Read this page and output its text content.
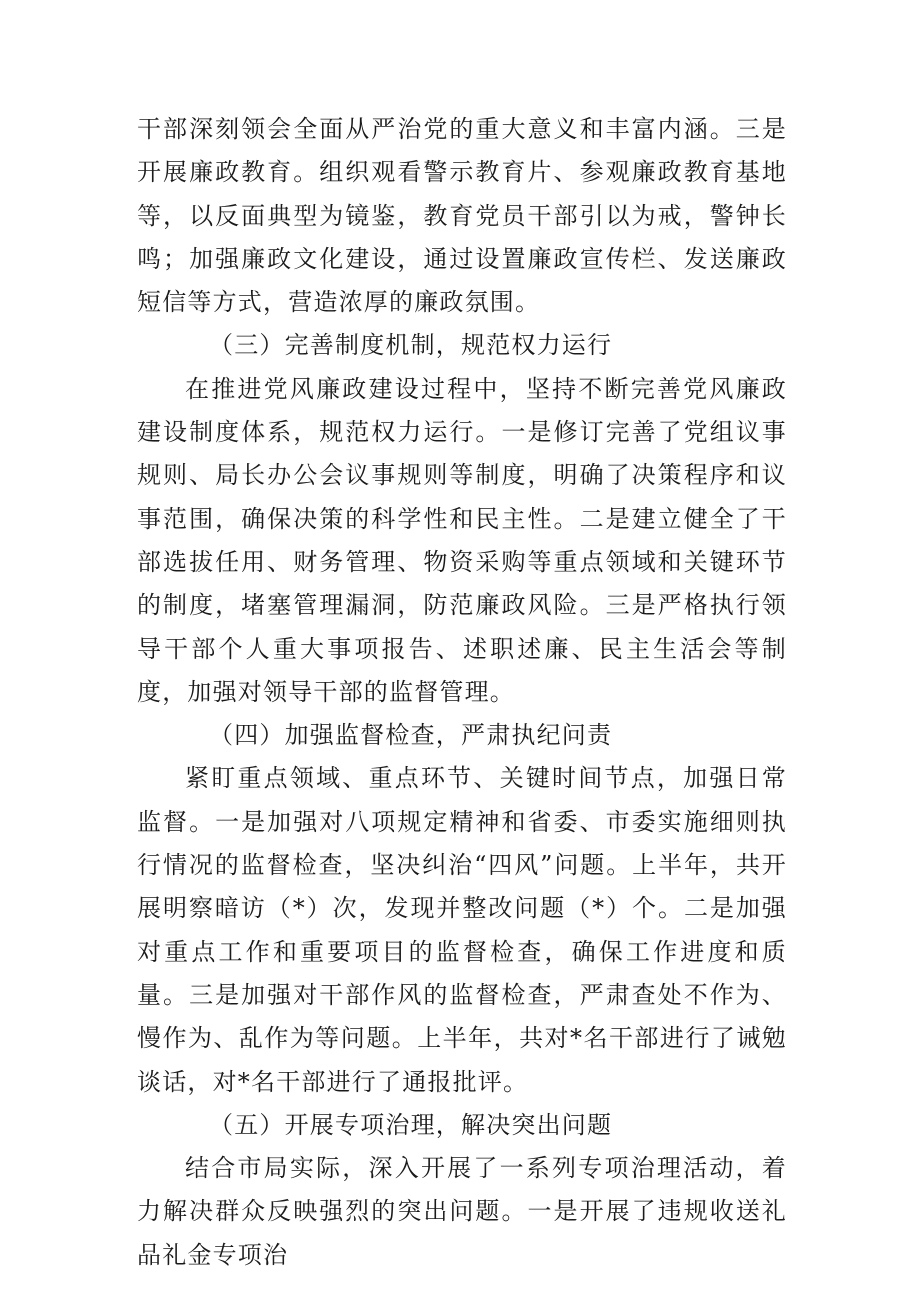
干部深刻领会全面从严治党的重大意义和丰富内涵。三是开展廉政教育。组织观看警示教育片、参观廉政教育基地等，以反面典型为镜鉴，教育党员干部引以为戒，警钟长鸣；加强廉政文化建设，通过设置廉政宣传栏、发送廉政短信等方式，营造浓厚的廉政氛围。

（三）完善制度机制，规范权力运行

在推进党风廉政建设过程中，坚持不断完善党风廉政建设制度体系，规范权力运行。一是修订完善了党组议事规则、局长办公会议事规则等制度，明确了决策程序和议事范围，确保决策的科学性和民主性。二是建立健全了干部选拔任用、财务管理、物资采购等重点领域和关键环节的制度，堵塞管理漏洞，防范廉政风险。三是严格执行领导干部个人重大事项报告、述职述廉、民主生活会等制度，加强对领导干部的监督管理。

（四）加强监督检查，严肃执纪问责

紧盯重点领域、重点环节、关键时间节点，加强日常监督。一是加强对八项规定精神和省委、市委实施细则执行情况的监督检查，坚决纠治“四风”问题。上半年，共开展明察暗访（*）次，发现并整改问题（*）个。二是加强对重点工作和重要项目的监督检查，确保工作进度和质量。三是加强对干部作风的监督检查，严肃查处不作为、慢作为、乱作为等问题。上半年，共对*名干部进行了诫勉谈话，对*名干部进行了通报批评。

（五）开展专项治理，解决突出问题

结合市局实际，深入开展了一系列专项治理活动，着力解决群众反映强烈的突出问题。一是开展了违规收送礼品礼金专项治
